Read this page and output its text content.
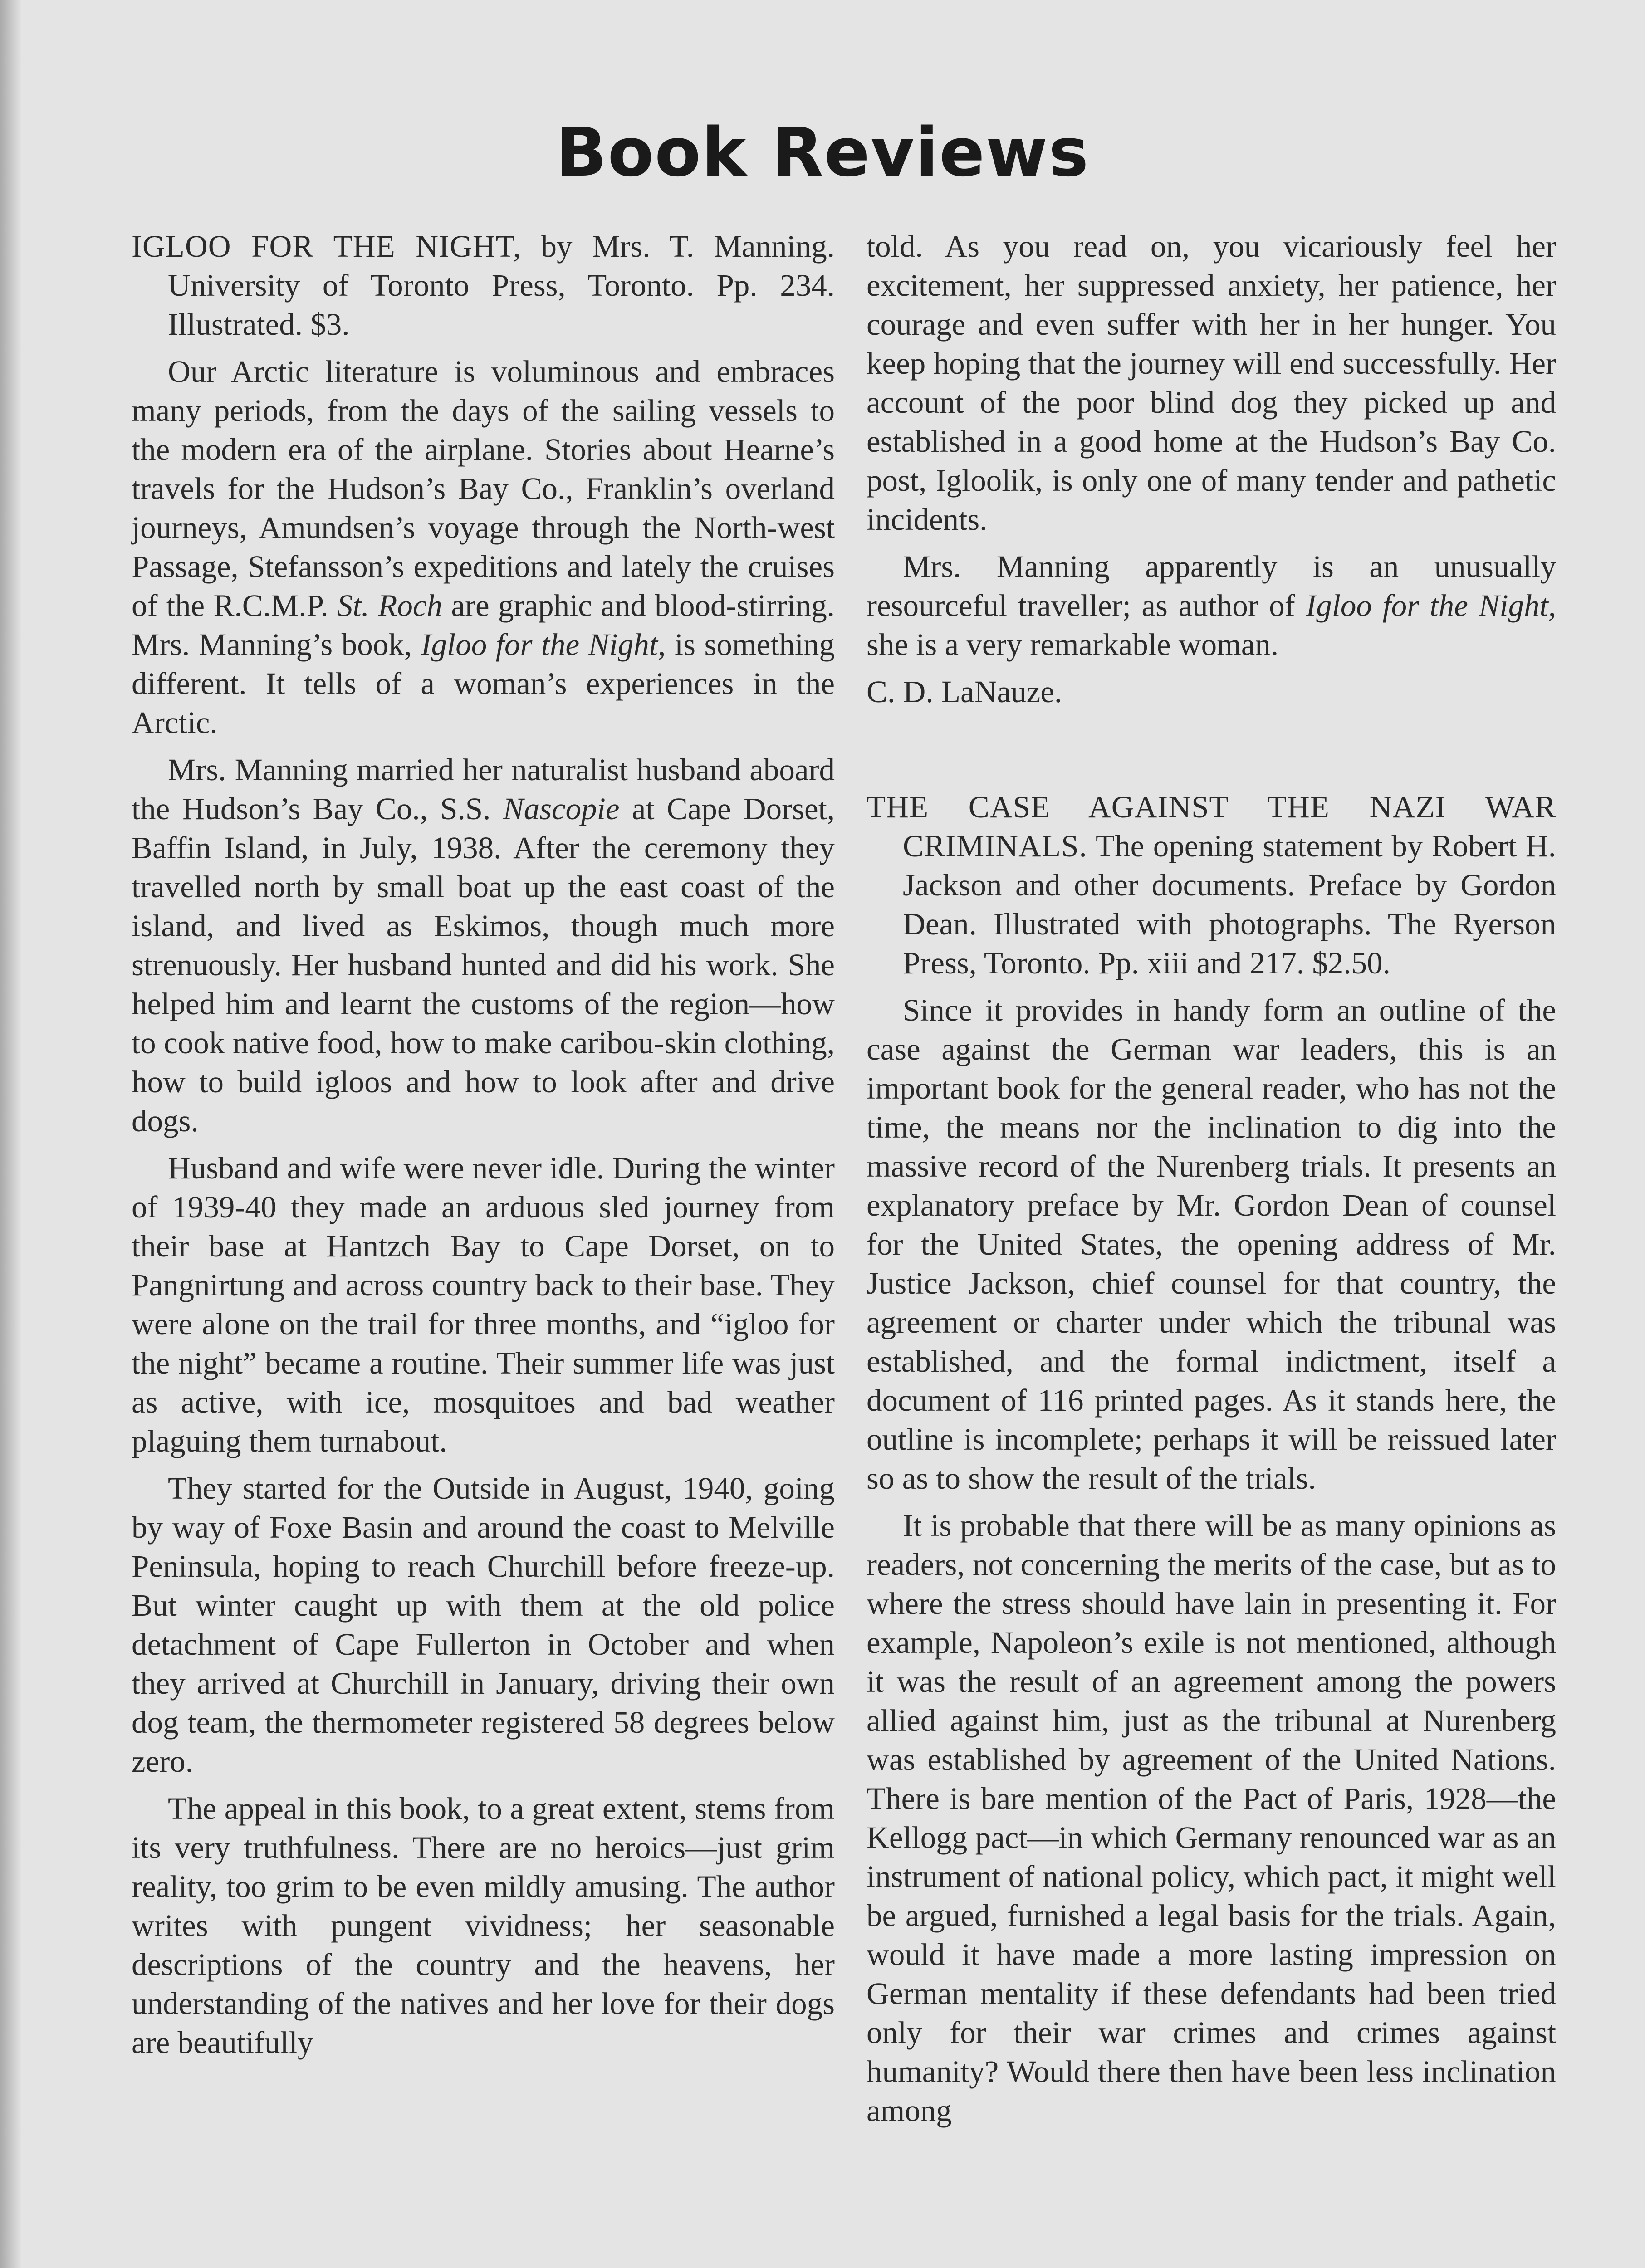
Book Reviews

IGLOO FOR THE NIGHT, by Mrs. T. Manning. University of Toronto Press, Toronto. Pp. 234. Illustrated. $3.

Our Arctic literature is voluminous and embraces many periods, from the days of the sailing vessels to the modern era of the airplane. Stories about Hearne’s travels for the Hudson’s Bay Co., Franklin’s overland journeys, Amundsen’s voyage through the North-west Passage, Stefansson’s expeditions and lately the cruises of the R.C.M.P. St. Roch are graphic and blood-stirring. Mrs. Manning’s book, Igloo for the Night, is something different. It tells of a woman’s experiences in the Arctic.

Mrs. Manning married her naturalist husband aboard the Hudson’s Bay Co., S.S. Nascopie at Cape Dorset, Baffin Island, in July, 1938. After the ceremony they travelled north by small boat up the east coast of the island, and lived as Eskimos, though much more strenuously. Her husband hunted and did his work. She helped him and learnt the customs of the region—how to cook native food, how to make caribou-skin clothing, how to build igloos and how to look after and drive dogs.

Husband and wife were never idle. During the winter of 1939-40 they made an arduous sled journey from their base at Hantzch Bay to Cape Dorset, on to Pangnirtung and across country back to their base. They were alone on the trail for three months, and “igloo for the night” became a routine. Their summer life was just as active, with ice, mosquitoes and bad weather plaguing them turnabout.

They started for the Outside in August, 1940, going by way of Foxe Basin and around the coast to Melville Peninsula, hoping to reach Churchill before freeze-up. But winter caught up with them at the old police detachment of Cape Fullerton in October and when they arrived at Churchill in January, driving their own dog team, the thermometer registered 58 degrees below zero.

The appeal in this book, to a great extent, stems from its very truthfulness. There are no heroics—just grim reality, too grim to be even mildly amusing. The author writes with pungent vividness; her seasonable descriptions of the country and the heavens, her understanding of the natives and her love for their dogs are beautifully

told. As you read on, you vicariously feel her excitement, her suppressed anxiety, her patience, her courage and even suffer with her in her hunger. You keep hoping that the journey will end successfully. Her account of the poor blind dog they picked up and established in a good home at the Hudson’s Bay Co. post, Igloolik, is only one of many tender and pathetic incidents.

Mrs. Manning apparently is an unusually resourceful traveller; as author of Igloo for the Night, she is a very remarkable woman.

C. D. LaNauze.

THE CASE AGAINST THE NAZI WAR CRIMINALS. The opening statement by Robert H. Jackson and other documents. Preface by Gordon Dean. Illustrated with photographs. The Ryerson Press, Toronto. Pp. xiii and 217. $2.50.

Since it provides in handy form an outline of the case against the German war leaders, this is an important book for the general reader, who has not the time, the means nor the inclination to dig into the massive record of the Nurenberg trials. It presents an explanatory preface by Mr. Gordon Dean of counsel for the United States, the opening address of Mr. Justice Jackson, chief counsel for that country, the agreement or charter under which the tribunal was established, and the formal indictment, itself a document of 116 printed pages. As it stands here, the outline is incomplete; perhaps it will be reissued later so as to show the result of the trials.

It is probable that there will be as many opinions as readers, not concerning the merits of the case, but as to where the stress should have lain in presenting it. For example, Napoleon’s exile is not mentioned, although it was the result of an agreement among the powers allied against him, just as the tribunal at Nurenberg was established by agreement of the United Nations. There is bare mention of the Pact of Paris, 1928—the Kellogg pact—in which Germany renounced war as an instrument of national policy, which pact, it might well be argued, furnished a legal basis for the trials. Again, would it have made a more lasting impression on German mentality if these defendants had been tried only for their war crimes and crimes against humanity? Would there then have been less inclination among
